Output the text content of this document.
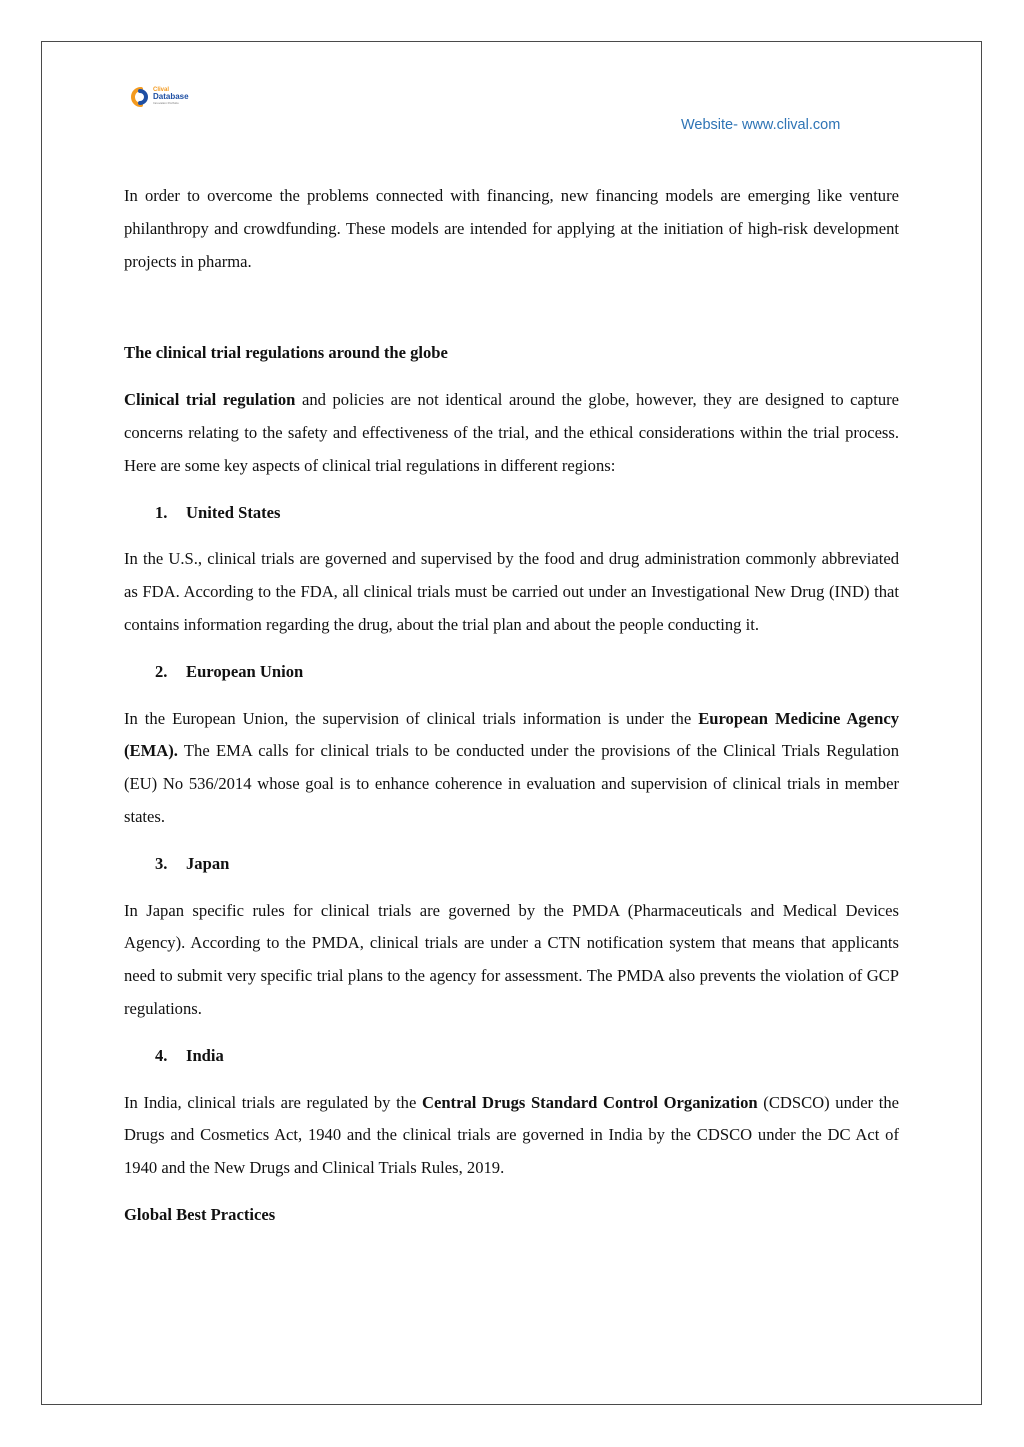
Clival
Database
Innovation Portfolio
Website- www.clival.com

In order to overcome the problems connected with financing, new financing models are emerging like venture philanthropy and crowdfunding. These models are intended for applying at the initiation of high-risk development projects in pharma.

The clinical trial regulations around the globe

Clinical trial regulation and policies are not identical around the globe, however, they are designed to capture concerns relating to the safety and effectiveness of the trial, and the ethical considerations within the trial process. Here are some key aspects of clinical trial regulations in different regions:

1. United States

In the U.S., clinical trials are governed and supervised by the food and drug administration commonly abbreviated as FDA. According to the FDA, all clinical trials must be carried out under an Investigational New Drug (IND) that contains information regarding the drug, about the trial plan and about the people conducting it.

2. European Union

In the European Union, the supervision of clinical trials information is under the European Medicine Agency (EMA). The EMA calls for clinical trials to be conducted under the provisions of the Clinical Trials Regulation (EU) No 536/2014 whose goal is to enhance coherence in evaluation and supervision of clinical trials in member states.

3. Japan

In Japan specific rules for clinical trials are governed by the PMDA (Pharmaceuticals and Medical Devices Agency). According to the PMDA, clinical trials are under a CTN notification system that means that applicants need to submit very specific trial plans to the agency for assessment. The PMDA also prevents the violation of GCP regulations.

4. India

In India, clinical trials are regulated by the Central Drugs Standard Control Organization (CDSCO) under the Drugs and Cosmetics Act, 1940 and the clinical trials are governed in India by the CDSCO under the DC Act of 1940 and the New Drugs and Clinical Trials Rules, 2019.

Global Best Practices
